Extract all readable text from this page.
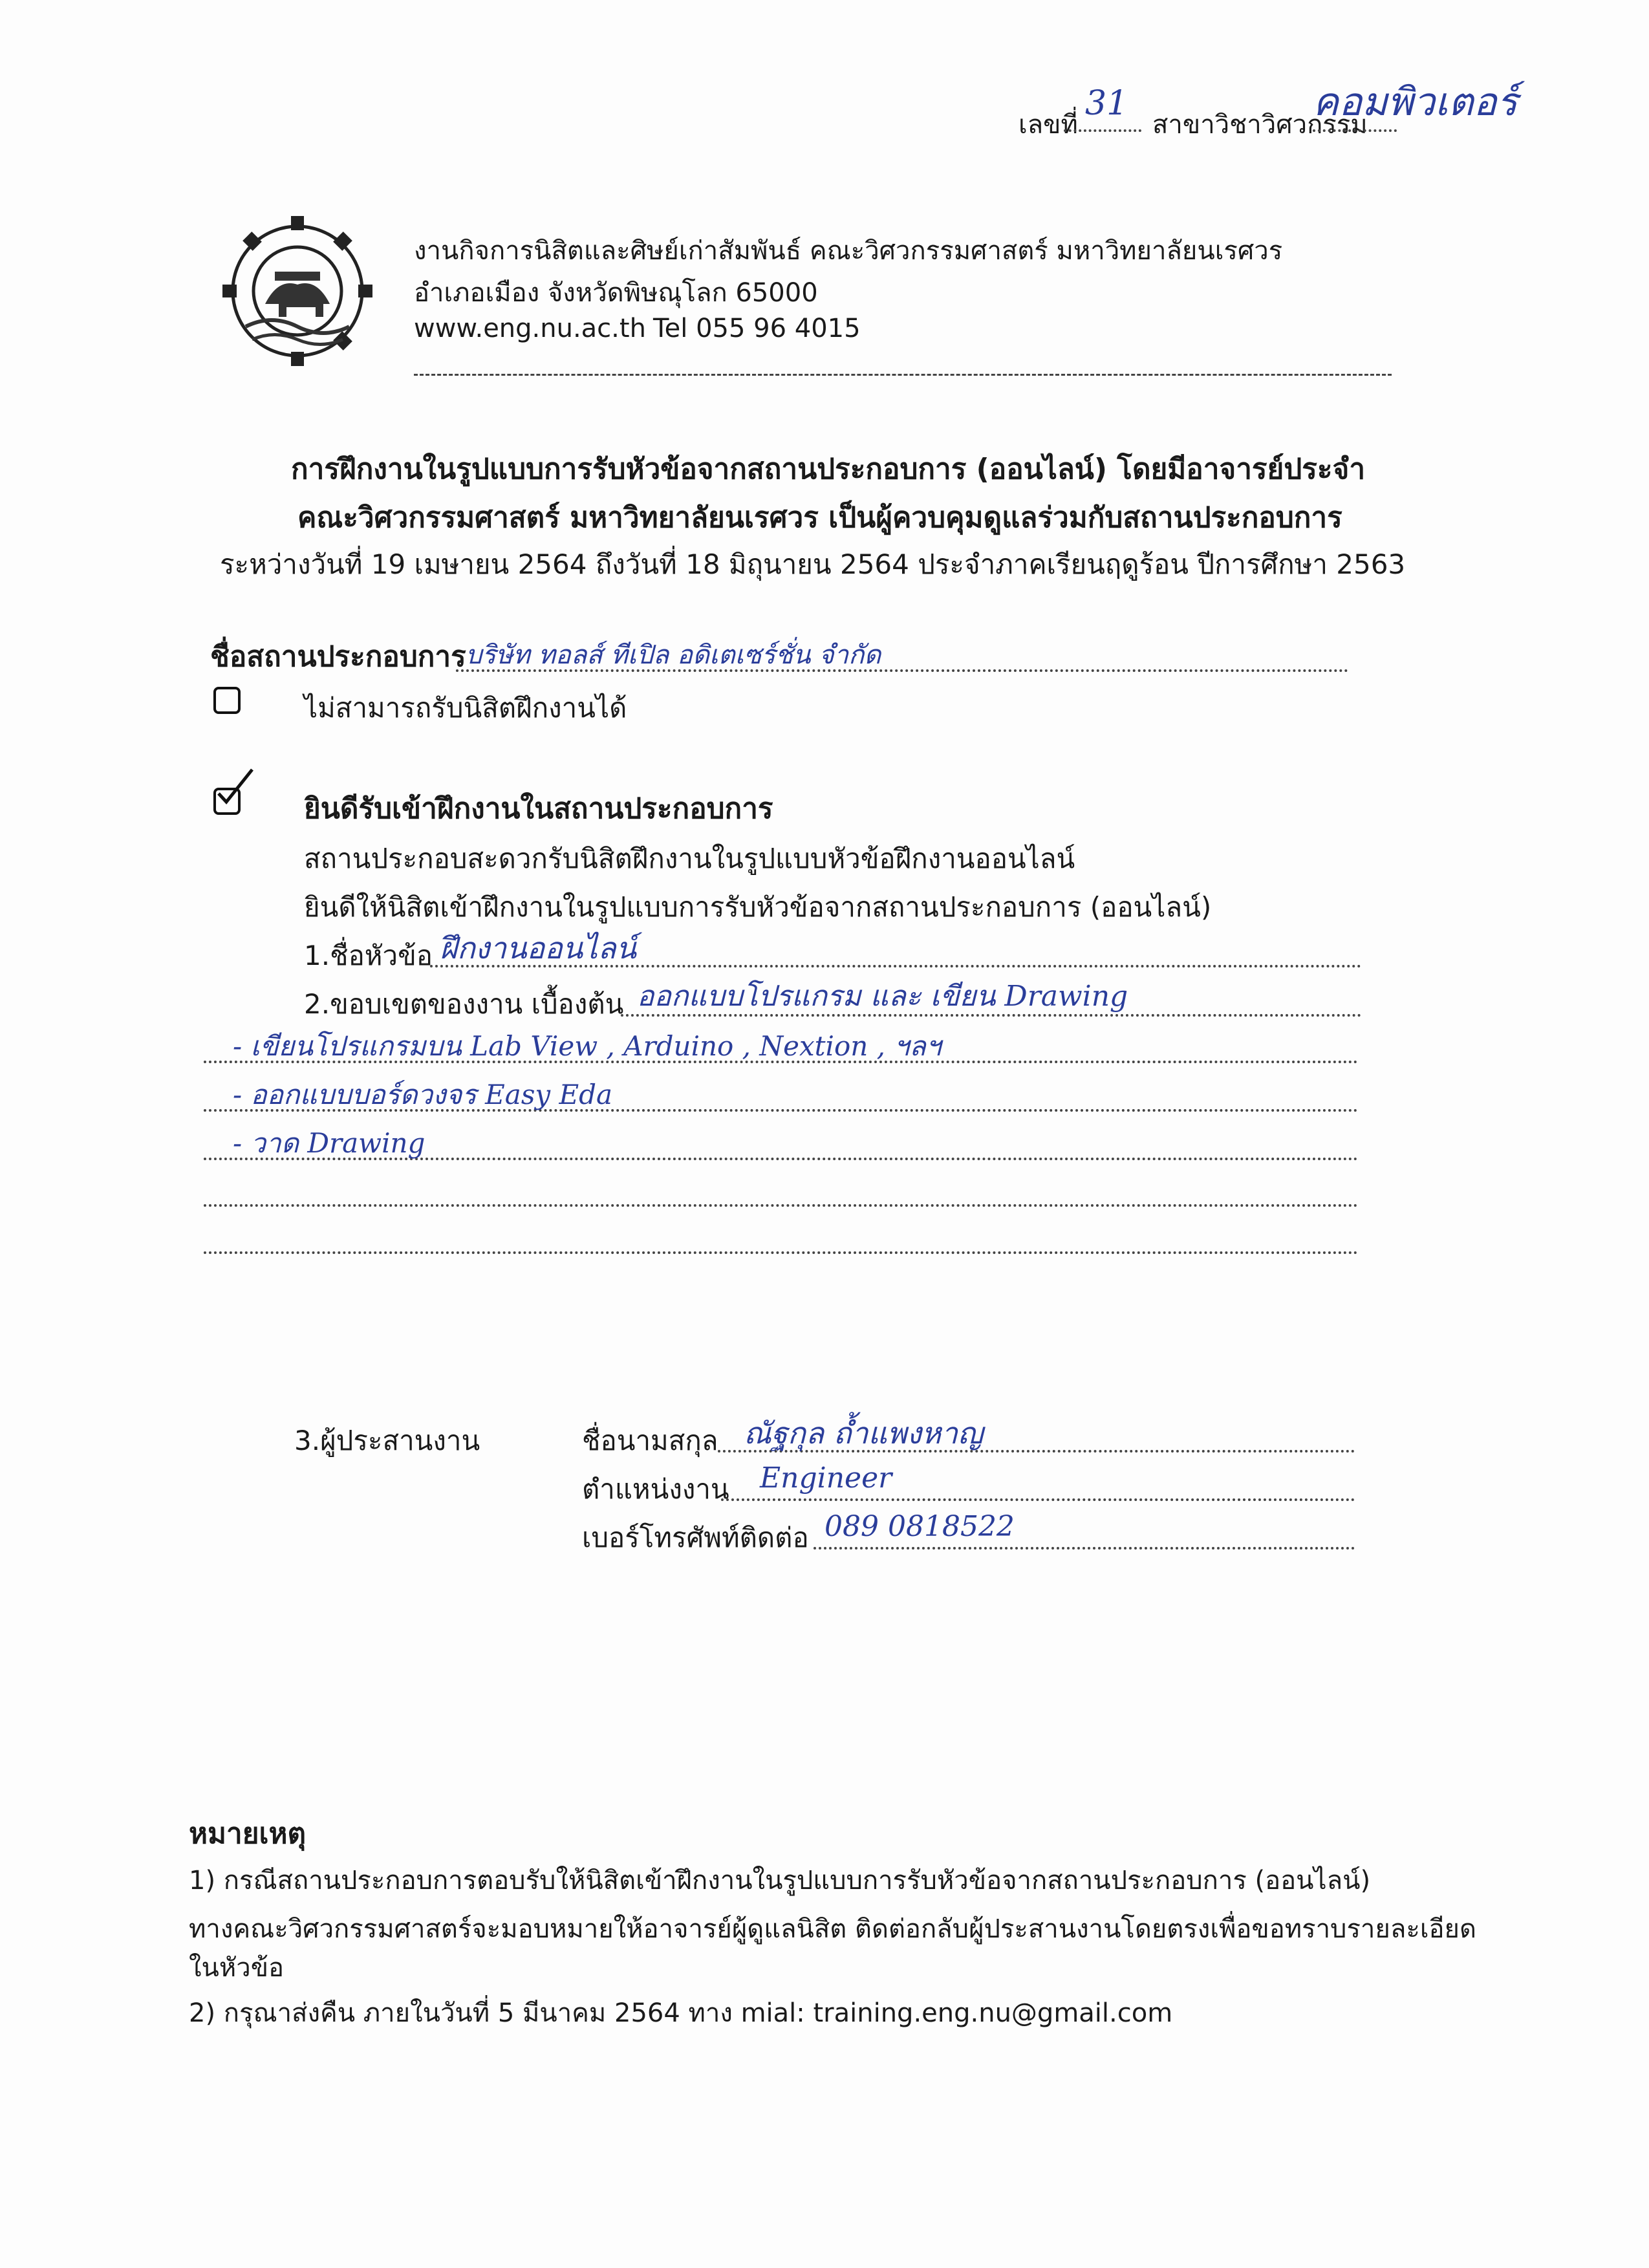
เลขที่
31
สาขาวิชาวิศวกรรม
คอมพิวเตอร์
งานกิจการนิสิตและศิษย์เก่าสัมพันธ์ คณะวิศวกรรมศาสตร์ มหาวิทยาลัยนเรศวร
อำเภอเมือง จังหวัดพิษณุโลก 65000
www.eng.nu.ac.th Tel 055 96 4015
การฝึกงานในรูปแบบการรับหัวข้อจากสถานประกอบการ (ออนไลน์) โดยมีอาจารย์ประจำ
คณะวิศวกรรมศาสตร์ มหาวิทยาลัยนเรศวร เป็นผู้ควบคุมดูแลร่วมกับสถานประกอบการ
ระหว่างวันที่ 19 เมษายน 2564 ถึงวันที่ 18 มิถุนายน 2564 ประจำภาคเรียนฤดูร้อน ปีการศึกษา 2563
ชื่อสถานประกอบการ บริษัท ทอลส์ ทีเปิล อดิเตเซร์ชั่น จำกัด
ไม่สามารถรับนิสิตฝึกงานได้
ยินดีรับเข้าฝึกงานในสถานประกอบการ
สถานประกอบสะดวกรับนิสิตฝึกงานในรูปแบบหัวข้อฝึกงานออนไลน์
ยินดีให้นิสิตเข้าฝึกงานในรูปแบบการรับหัวข้อจากสถานประกอบการ (ออนไลน์)
1.ชื่อหัวข้อ ฝึกงานออนไลน์
2.ขอบเขตของงาน เบื้องต้น ออกแบบโปรแกรม และ เขียน Drawing
- เขียนโปรแกรมบน Lab View , Arduino , Nextion , ฯลฯ
- ออกแบบบอร์ดวงจร Easy Eda
- วาด Drawing
3.ผู้ประสานงาน	ชื่อนามสกุล ณัฐกุล ถ้ำแพงหาญ
ตำแหน่งงาน Engineer
เบอร์โทรศัพท์ติดต่อ 089 0818522
หมายเหตุ
1) กรณีสถานประกอบการตอบรับให้นิสิตเข้าฝึกงานในรูปแบบการรับหัวข้อจากสถานประกอบการ (ออนไลน์)
ทางคณะวิศวกรรมศาสตร์จะมอบหมายให้อาจารย์ผู้ดูแลนิสิต ติดต่อกลับผู้ประสานงานโดยตรงเพื่อขอทราบรายละเอียด
ในหัวข้อ
2) กรุณาส่งคืน ภายในวันที่ 5 มีนาคม 2564 ทาง mial: training.eng.nu@gmail.com
